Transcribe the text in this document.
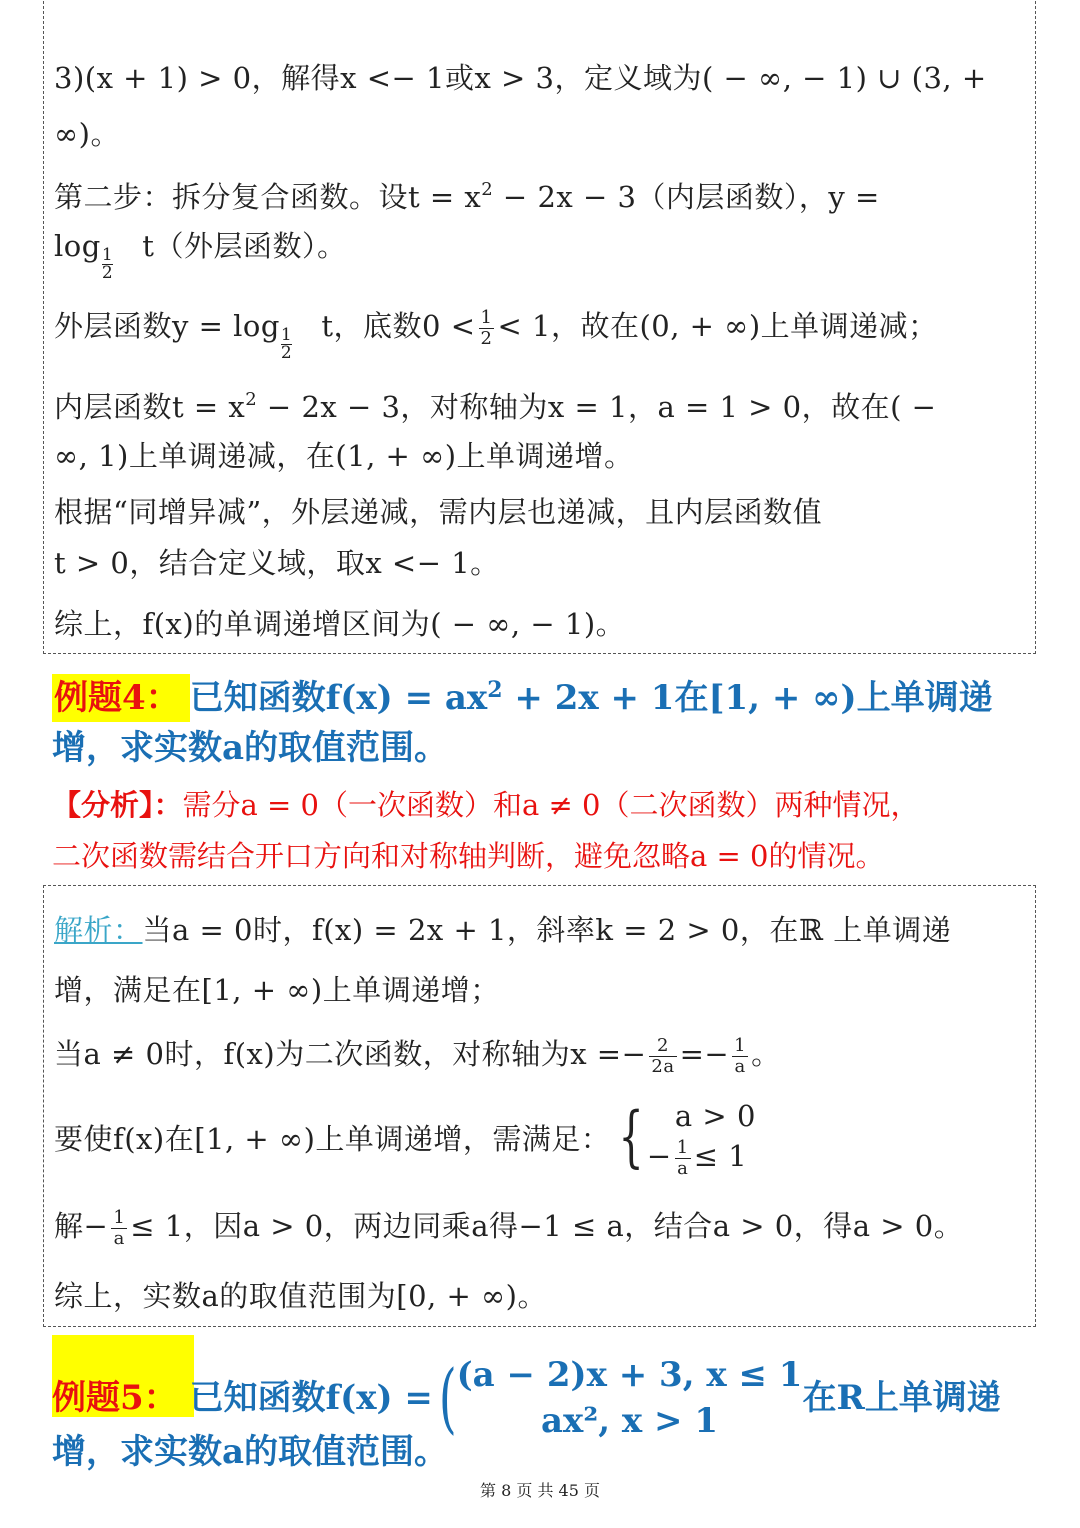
3)(x + 1) > 0，解得x <− 1或x > 3，定义域为( − ∞, − 1) ∪ (3, +
∞)。
第二步：拆分复合函数。设$t = x^2 - 2x - 3$（内层函数），y =
log
$\frac{1}{2} t$（外层函数）。
外层函数y = log
$\frac{1}{2}$   t，底数$0 < \frac{1}{2} < 1$，故在(0, + ∞)上单调递减；
内层函数$t = x^2 - 2x - 3$，对称轴为x = 1，a = 1 > 0，故在( −
∞, 1)上单调递减，在(1, + ∞)上单调递增。
根据“同增异减”，外层递减，需内层也递减，且内层函数值
t > 0，结合定义域，取x <− 1。
综上，f(x)的单调递增区间为( − ∞, − 1)。
例题4： 已知函数$f(x) = ax^2 + 2x + 1$在[1, + ∞)上单调递
增，求实数a的取值范围。
【分析】：需分a = 0（一次函数）和a ≠ 0（二次函数）两种情况，
二次函数需结合开口方向和对称轴判断，避免忽略a = 0的情况。
解析：当a = 0时，f(x) = 2x + 1，斜率k = 2 > 0，在ℝ 上单调递
增，满足在[1, + ∞)上单调递增；
当a ≠ 0时，f(x)为二次函数，对称轴为$x =- \frac{2}{2a} =- \frac{1}{a}$ 。
要使f(x)在[1, + ∞)上单调递增，需满足： {	a > 0
− $\frac{1}{a} \le 1$
解− $\frac{1}{a} \le 1$，因a > 0，两边同乘a得−1 ≤ a，结合a > 0，得a > 0。
综上，实数a的取值范围为[0, + ∞)。
例题5： 已知函数f(x) =( (a − 2)x + 3, x ≤ 1
ax², x > 1
在R上单调递
增，求实数a的取值范围。
第 8 页 共 45 页
